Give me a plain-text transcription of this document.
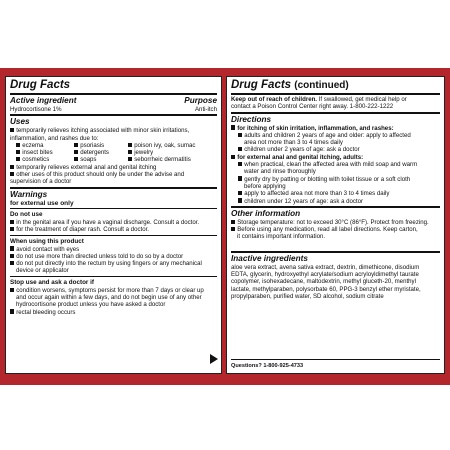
Drug Facts
Active ingredient	Purpose
Hydrocortisone 1%	Anti-itch
Uses
temporarily relieves itching associated with minor skin irritations,
inflammation, and rashes due to:
eczema	psoriasis	poison ivy, oak, sumac
insect bites	detergents	jewelry
cosmetics	soaps	seborrheic dermatitis
temporarily relieves external anal and genital itching
other uses of this product should only be under the advise and
supervision of a doctor
Warnings
for external use only
Do not use
in the genital area if you have a vaginal discharge. Consult a doctor.
for the treatment of diaper rash. Consult a doctor.
When using this product
avoid contact with eyes
do not use more than directed unless told to do so by a doctor
do not put directly into the rectum by using fingers or any mechanical
device or applicator
Stop use and ask a doctor if
condition worsens, symptoms persist for more than 7 days or clear up
and occur again within a few days, and do not begin use of any other
hydrocortisone product unless you have asked a doctor
rectal bleeding occurs
Drug Facts (continued)
Keep out of reach of children. If swallowed, get medical help or
contact a Poison Control Center right away. 1-800-222-1222
Directions
for itching of skin irritation, inflammation, and rashes:
adults and children 2 years of age and older: apply to affected
area not more than 3 to 4 times daily
children under 2 years of age: ask a doctor
for external anal and genital itching, adults:
when practical, clean the affected area with mild soap and warm
water and rinse thoroughly
gently dry by patting or blotting with toilet tissue or a soft cloth
before applying
apply to affected area not more than 3 to 4 times daily
children under 12 years of age: ask a doctor
Other information
Storage temperature: not to exceed 30°C (86°F). Protect from freezing.
Before using any medication, read all label directions. Keep carton,
it contains important information.
Inactive ingredients
aloe vera extract, avena sativa extract, dextrin, dimethicone, disodium
EDTA, glycerin, hydroxyethyl acrylate/sodium acryloyldimethyl taurate
copolymer, isohexadecane, maltodextrin, methyl gluceth-20, menthyl
lactate, methylparaben, polysorbate 60, PPG-3 benzyl ether myristate,
propylparaben, purified water, SD alcohol, sodium citrate
Questions? 1-800-925-4733
